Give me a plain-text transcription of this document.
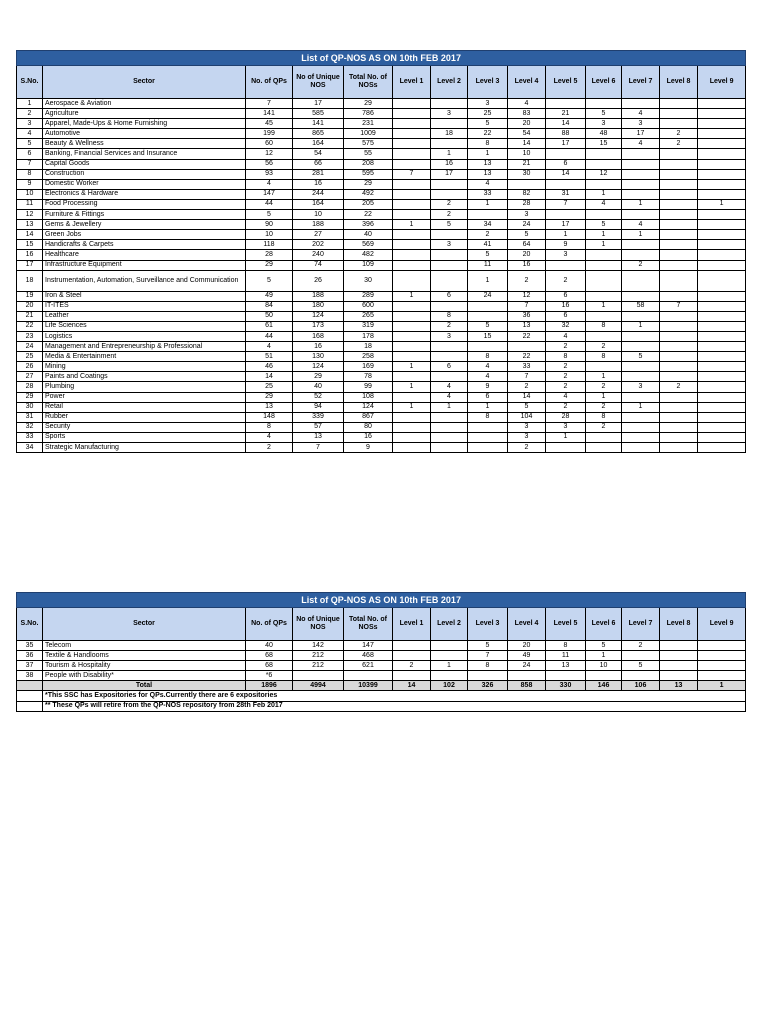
List of QP-NOS AS ON 10th FEB 2017													
S.No.	Sector	No. of QPs	No of Unique NOS	Total No. of NOSs	Level 1	Level 2	Level 3	Level 4	Level 5	Level 6	Level 7	Level 8	Level 9
1	Aerospace & Aviation	7	17	29			3	4					
2	Agriculture	141	585	786		3	25	83	21	5	4		
3	Apparel, Made-Ups & Home Furnishing	45	141	231			5	20	14	3	3		
4	Automotive	199	865	1009		18	22	54	88	48	17	2	
5	Beauty & Wellness	60	164	575			8	14	17	15	4	2	
6	Banking, Financial Services and Insurance	12	54	55		1	1	10					
7	Capital Goods	56	66	208		16	13	21	6				
8	Construction	93	281	595	7	17	13	30	14	12			
9	Domestic Worker	4	16	29			4						
10	Electronics & Hardware	147	244	492			33	82	31	1			
11	Food Processing	44	164	205		2	1	28	7	4	1		1
12	Furniture & Fittings	5	10	22		2		3					
13	Gems & Jewellery	90	188	396	1	5	34	24	17	5	4		
14	Green Jobs	10	27	40			2	5	1	1	1		
15	Handicrafts & Carpets	118	202	569		3	41	64	9	1			
16	Healthcare	28	240	482			5	20	3				
17	Infrastructure Equipment	29	74	109			11	16			2		
18	Instrumentation, Automation, Surveillance and Communication	5	26	30			1	2	2				
19	Iron & Steel	49	188	289	1	6	24	12	6				
20	IT-ITES	84	180	600				7	16	1	58	7	
21	Leather	50	124	265		8		36	6				
22	Life Sciences	61	173	319		2	5	13	32	8	1		
23	Logistics	44	168	178		3	15	22	4				
24	Management and Entrepreneurship & Professional	4	16	18					2	2			
25	Media & Entertainment	51	130	258			8	22	8	8	5		
26	Mining	46	124	169	1	6	4	33	2				
27	Paints and Coatings	14	29	78			4	7	2	1			
28	Plumbing	25	40	99	1	4	9	2	2	2	3	2	
29	Power	29	52	108		4	6	14	4	1			
30	Retail	13	94	124	1	1	1	5	2	2	1		
31	Rubber	148	339	867			8	104	28	8			
32	Security	8	57	80				3	3	2			
33	Sports	4	13	16				3	1				
34	Strategic Manufacturing	2	7	9				2					
List of QP-NOS AS ON 10th FEB 2017													
S.No.	Sector	No. of QPs	No of Unique NOS	Total No. of NOSs	Level 1	Level 2	Level 3	Level 4	Level 5	Level 6	Level 7	Level 8	Level 9
35	Telecom	40	142	147			5	20	8	5	2		
36	Textile & Handlooms	68	212	468			7	49	11	1			
37	Tourism & Hospitality	68	212	621	2	1	8	24	13	10	5		
38	People with Disability*	*6											
	Total	1896	4994	10399	14	102	326	858	330	146	106	13	1
	*This SSC has Expositories for QPs.Currently there are 6 expositories												
	** These QPs will retire from the QP-NOS repository from 28th Feb 2017												
